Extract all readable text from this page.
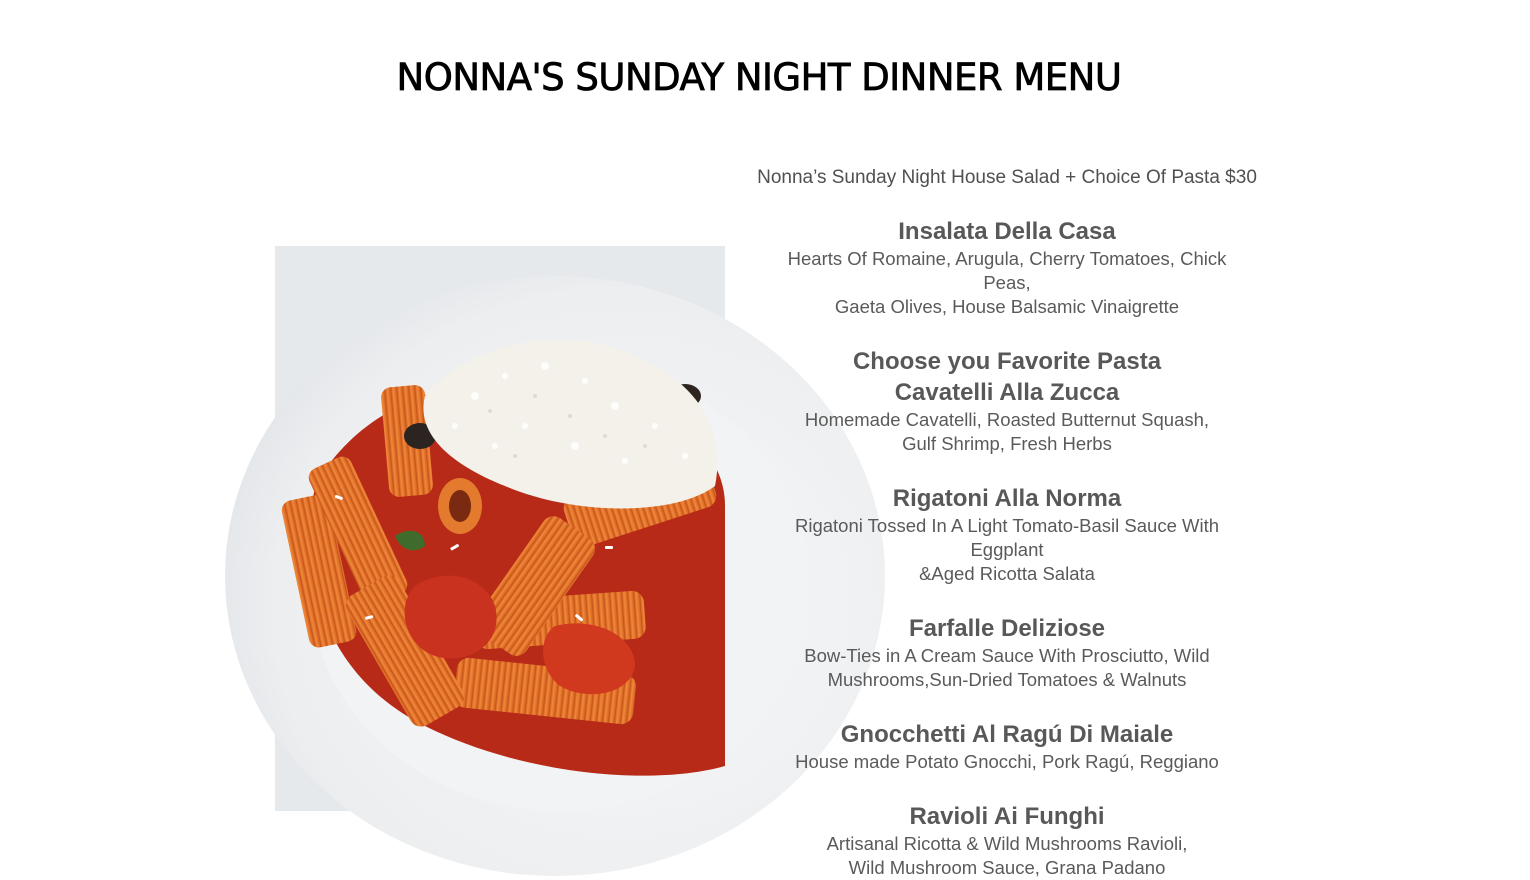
NONNA'S SUNDAY NIGHT DINNER MENU

Nonna’s Sunday Night House Salad + Choice Of Pasta $30

Insalata Della Casa

Hearts Of Romaine, Arugula, Cherry Tomatoes, Chick Peas,

Gaeta Olives, House Balsamic Vinaigrette

Choose you Favorite Pasta

Cavatelli Alla Zucca

Homemade Cavatelli, Roasted Butternut Squash,

Gulf Shrimp, Fresh Herbs

Rigatoni Alla Norma

Rigatoni Tossed In A Light Tomato-Basil Sauce With Eggplant

&Aged Ricotta Salata

Farfalle Deliziose

Bow-Ties in A Cream Sauce With Prosciutto, Wild

Mushrooms,Sun-Dried Tomatoes & Walnuts

Gnocchetti Al Ragú Di Maiale

House made Potato Gnocchi, Pork Ragú, Reggiano

Ravioli Ai Funghi

Artisanal Ricotta & Wild Mushrooms Ravioli,

Wild Mushroom Sauce, Grana Padano
